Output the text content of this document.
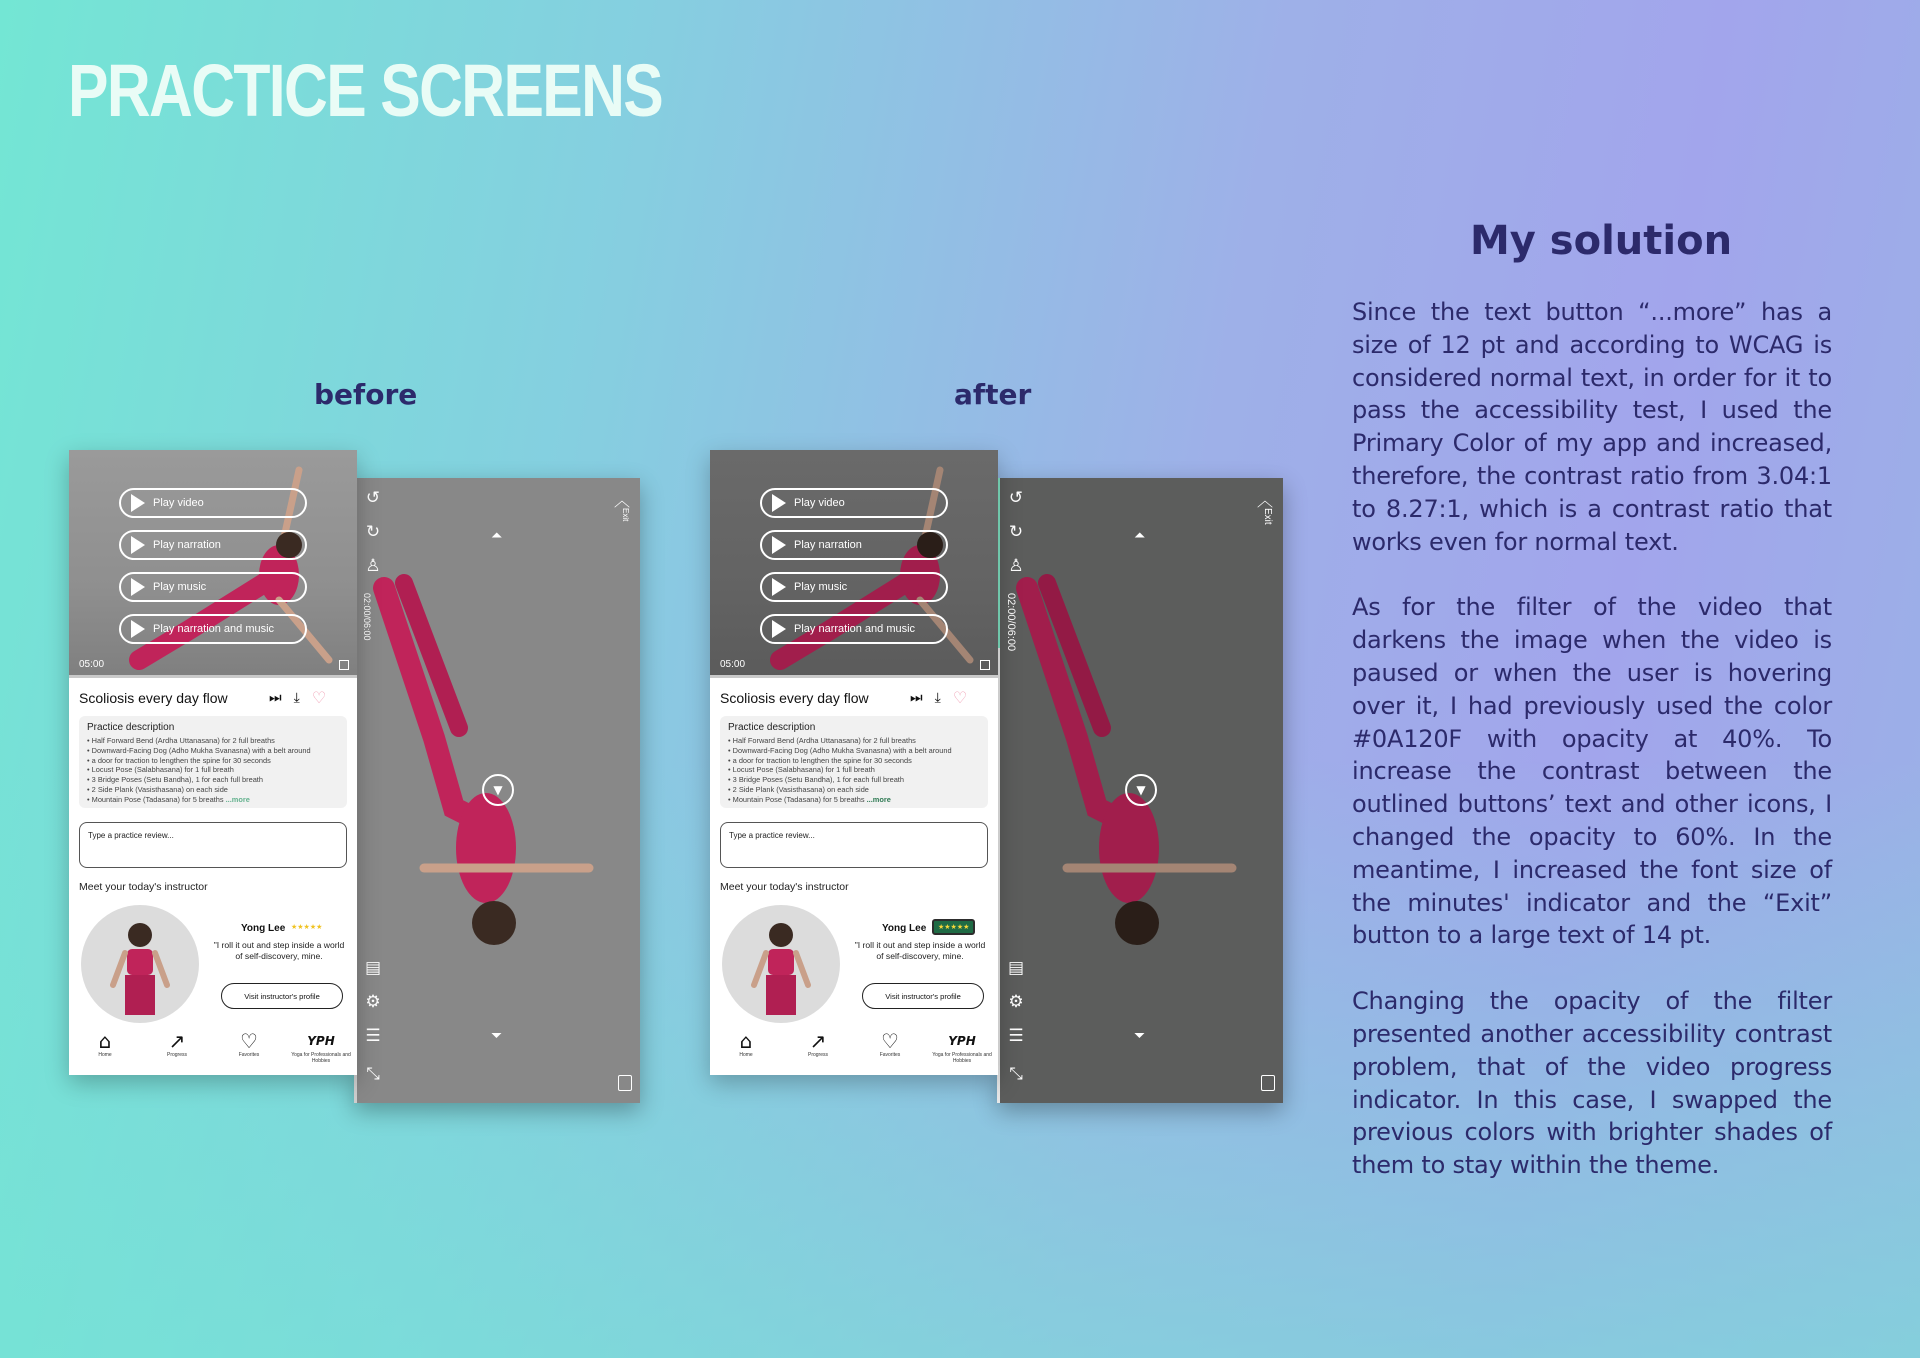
PRACTICE SCREENS
before	after
↺
↻
♙
02:00/06:00
▤
⚙
☰
⤡
︿
Exit
⏶
▼
⏷
Play video
Play narration
Play music
Play narration and music
05:00
Scoliosis every day flow	⏭ ⤓ ♡
Practice description
• Half Forward Bend (Ardha Uttanasana) for 2 full breaths
• Downward-Facing Dog (Adho Mukha Svanasna) with a belt around
• a door for traction to lengthen the spine for 30 seconds
• Locust Pose (Salabhasana) for 1 full breath
• 3 Bridge Poses (Setu Bandha), 1 for each full breath
• 2 Side Plank (Vasisthasana) on each side
• Mountain Pose (Tadasana) for 5 breaths ...more
Type a practice review...
Meet your today's instructor
Yong Lee ★★★★★
"I roll it out and step inside a world of self-discovery, mine.
Visit instructor's profile
⌂
Home
↗
Progress
♡
Favorites
YPH
Yoga for Professionals and Hobbies
↺
↻
♙
02:00/06:00
▤
⚙
☰
⤡
︿
Exit
⏶
▼
⏷
Play video
Play narration
Play music
Play narration and music
05:00
Scoliosis every day flow	⏭ ⤓ ♡
Practice description
• Half Forward Bend (Ardha Uttanasana) for 2 full breaths
• Downward-Facing Dog (Adho Mukha Svanasna) with a belt around
• a door for traction to lengthen the spine for 30 seconds
• Locust Pose (Salabhasana) for 1 full breath
• 3 Bridge Poses (Setu Bandha), 1 for each full breath
• 2 Side Plank (Vasisthasana) on each side
• Mountain Pose (Tadasana) for 5 breaths ...more
Type a practice review...
Meet your today's instructor
Yong Lee	★★★★★
"I roll it out and step inside a world of self-discovery, mine.
Visit instructor's profile
⌂
Home
↗
Progress
♡
Favorites
YPH
Yoga for Professionals and Hobbies
My solution

Since the text button “...more” has a size of 12 pt and according to WCAG is considered normal text, in order for it to pass the accessibility test, I used the Primary Color of my app and increased, therefore, the contrast ratio from 3.04:1 to 8.27:1, which is a contrast ratio that works even for normal text.

As for the filter of the video that darkens the image when the video is paused or when the user is hovering over it, I had previously used the color #0A120F with opacity at 40%. To increase the contrast between the outlined buttons’ text and other icons, I changed the opacity to 60%. In the meantime, I increased the font size of the minutes' indicator and the “Exit” button to a large text of 14 pt.

Changing the opacity of the filter presented another accessibility contrast problem, that of the video progress indicator. In this case, I swapped the previous colors with brighter shades of them to stay within the theme.
